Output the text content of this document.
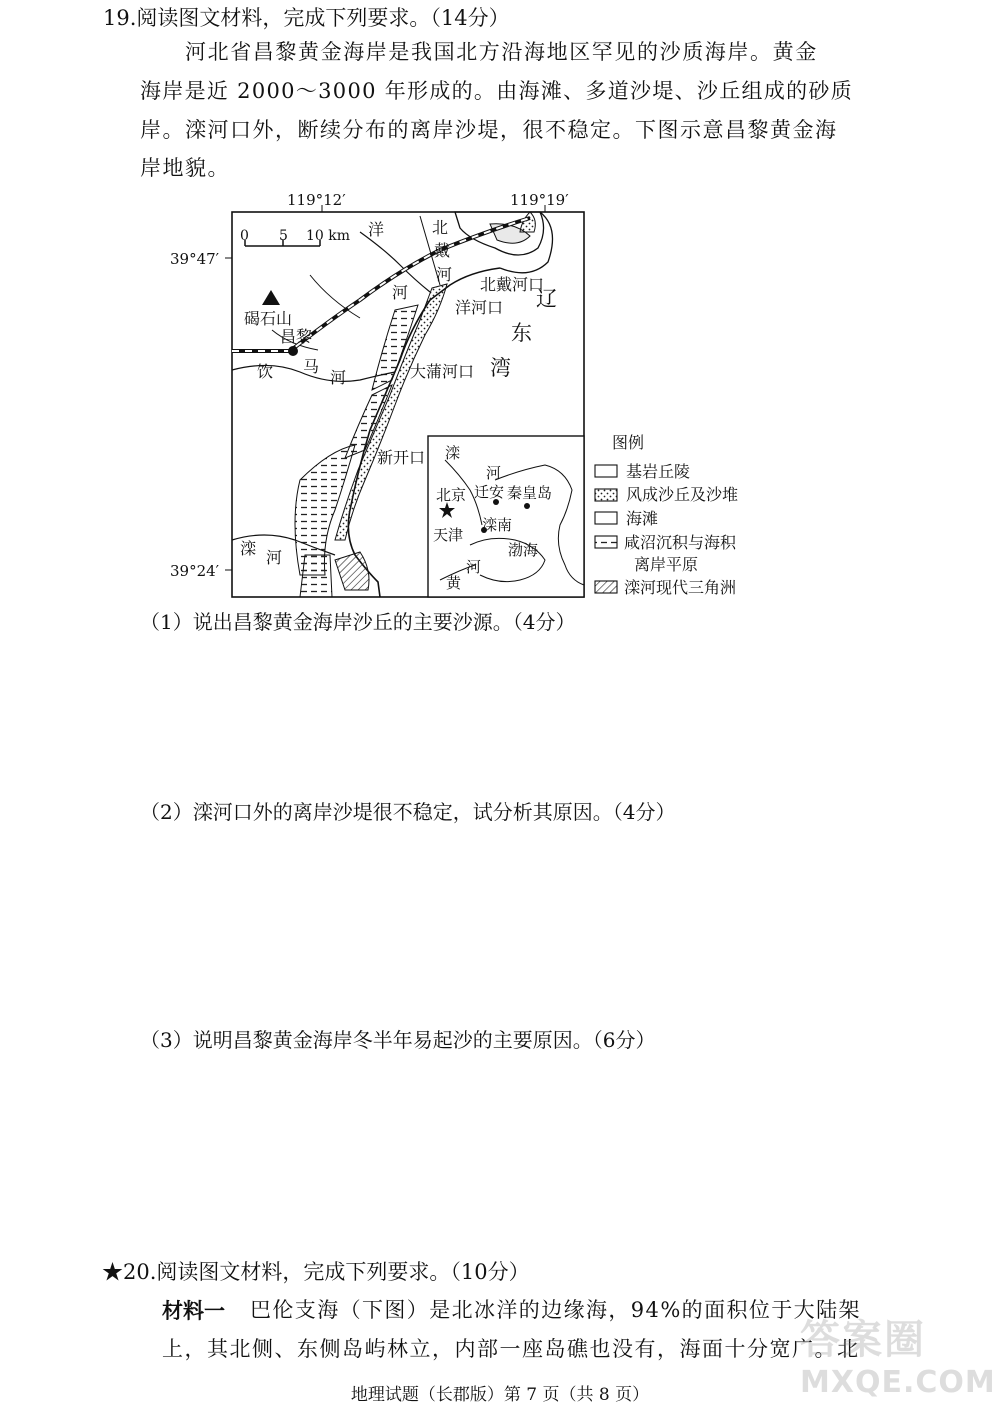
19.阅读图文材料，完成下列要求。（14分）
河北省昌黎黄金海岸是我国北方沿海地区罕见的沙质海岸。黄金
海岸是近 2000～3000 年形成的。由海滩、多道沙堤、沙丘组成的砂质
岸。滦河口外，断续分布的离岸沙堤，很不稳定。下图示意昌黎黄金海
岸地貌。
119°12′	119°19′
39°47′
39°24′
0 5 10 km 洋
河
北
戴
河
北戴河口
洋河口 辽
东
湾
碣石山
昌黎
饮 马
河	大蒲河口
新开口
滦 河
滦
河
北京 迁安 秦皇岛
天津
滦南
渤海
黄
河
图例
基岩丘陵
风成沙丘及沙堆
海滩
咸沼沉积与海积
离岸平原
滦河现代三角洲
（1）说出昌黎黄金海岸沙丘的主要沙源。（4分）
（2）滦河口外的离岸沙堤很不稳定，试分析其原因。（4分）
（3）说明昌黎黄金海岸冬半年易起沙的主要原因。（6分）
★20.阅读图文材料，完成下列要求。（10分）
材料一 巴伦支海（下图）是北冰洋的边缘海，94%的面积位于大陆架
上，其北侧、东侧岛屿林立，内部一座岛礁也没有，海面十分宽广。北
地理试题（长郡版）第 7 页（共 8 页）
答案圈
MXQE.COM
